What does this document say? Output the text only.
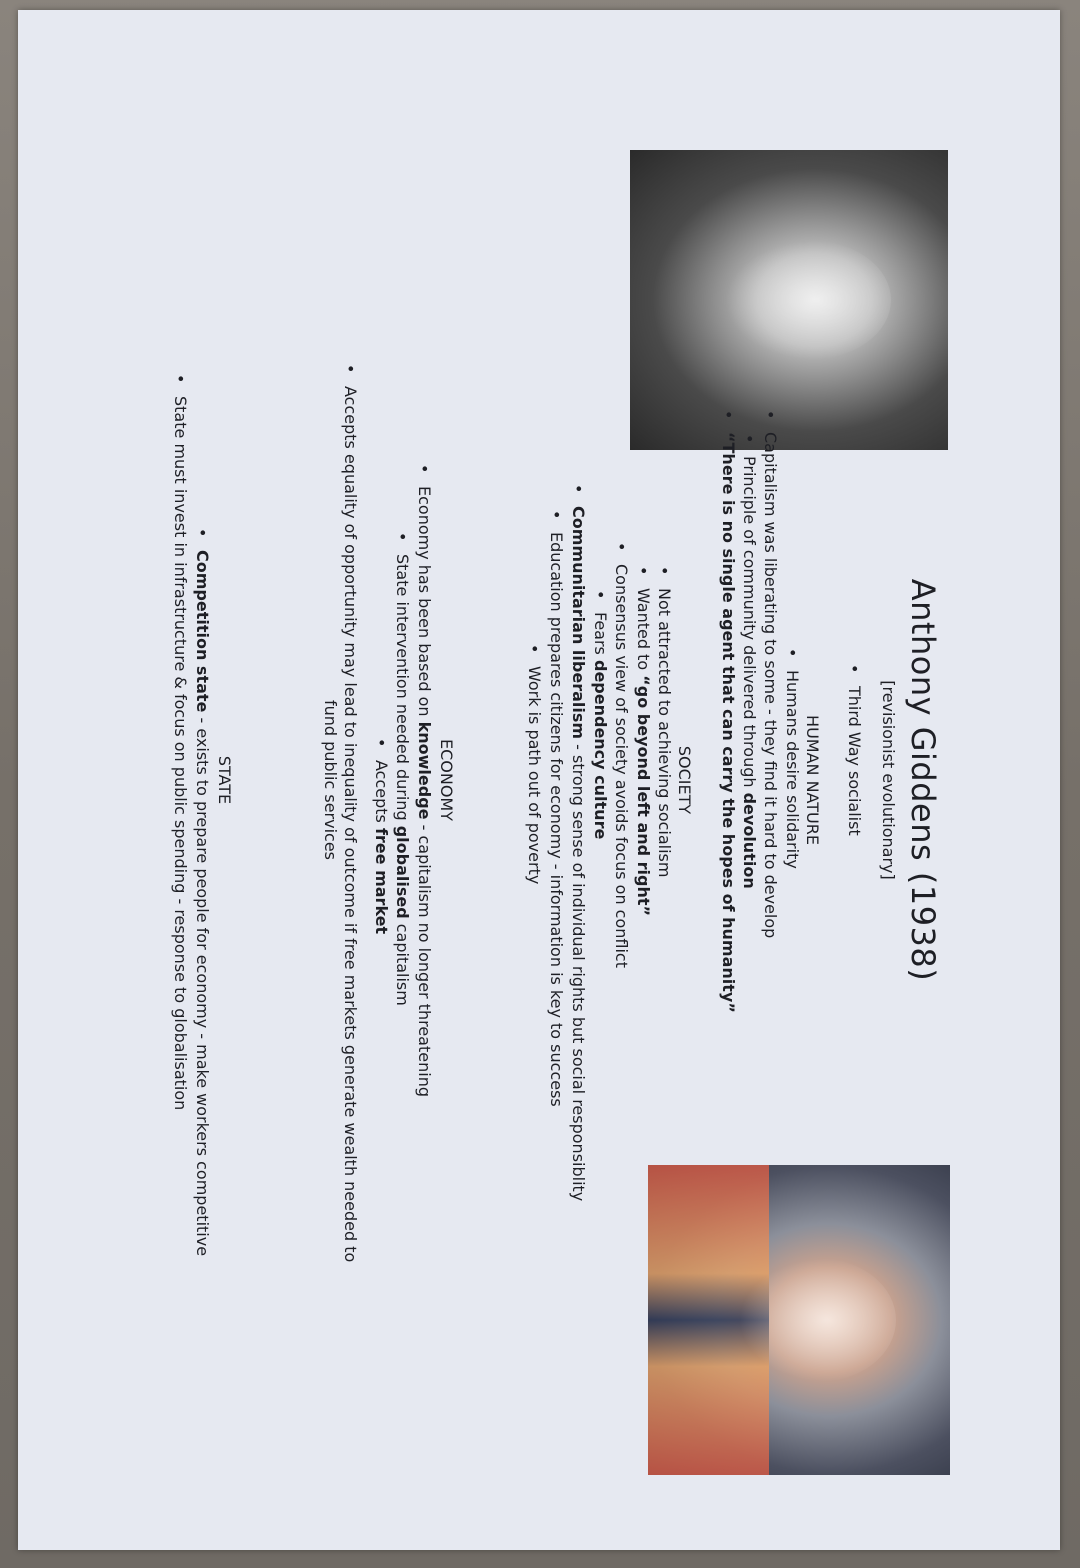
Anthony Giddens (1938)
[revisionist evolutionary]
• Third Way socialist
HUMAN NATURE
• Humans desire solidarity
• Capitalism was liberating to some - they find it hard to develop
• Principle of community delivered through devolution
• “There is no single agent that can carry the hopes of humanity”
SOCIETY
• Not attracted to achieving socialism
• Wanted to “go beyond left and right”
• Consensus view of society avoids focus on conflict
• Fears dependency culture
• Communitarian liberalism - strong sense of individual rights but social responsiblity
• Education prepares citizens for economy - information is key to success
• Work is path out of poverty
ECONOMY
• Economy has been based on knowledge - capitalism no longer threatening
• State intervention needed during globalised capitalism
• Accepts free market
• Accepts equality of opportunity may lead to inequality of outcome if free markets generate wealth needed to
fund public services
STATE
• Competition state - exists to prepare people for economy - make workers competitive
• State must invest in infrastructure & focus on public spending - response to globalisation
